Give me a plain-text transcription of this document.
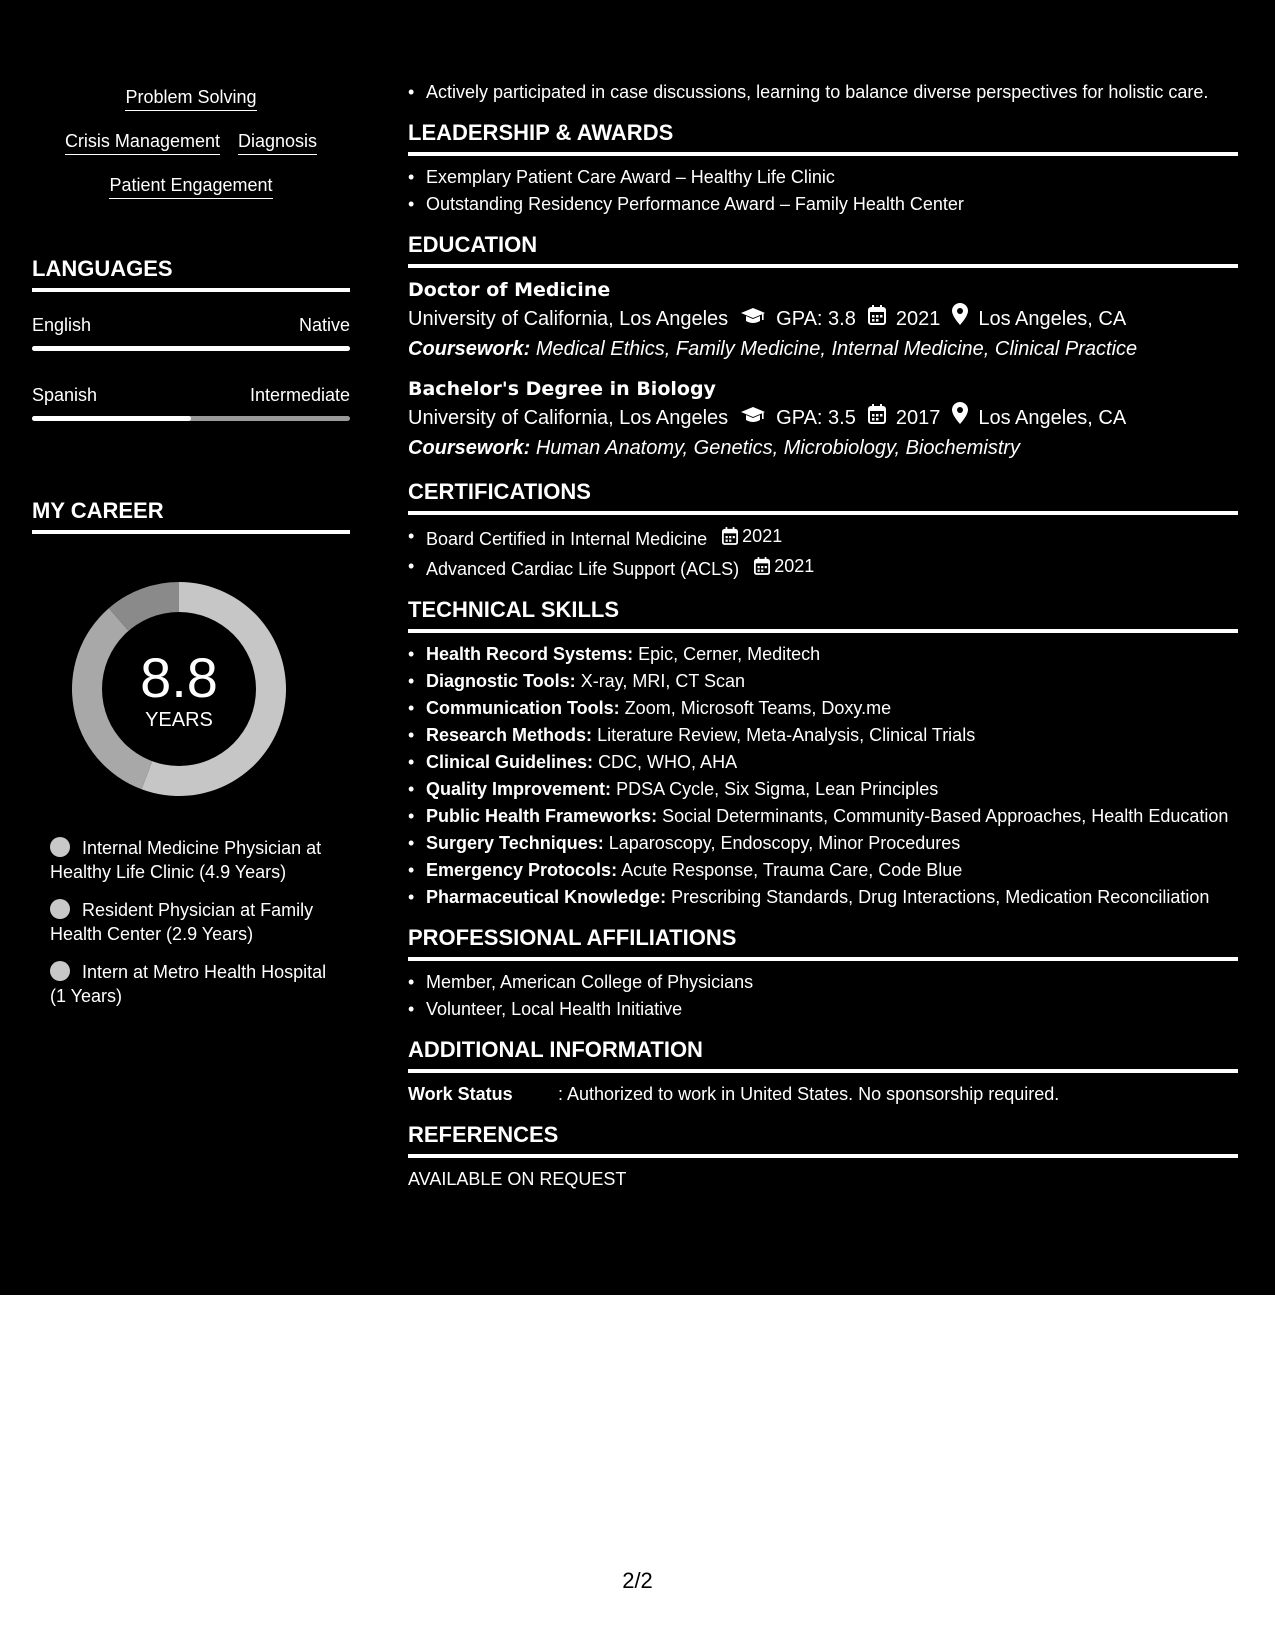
Problem Solving
Crisis Management Diagnosis
Patient Engagement
LANGUAGES
English	Native
Spanish	Intermediate
MY CAREER
8.8
YEARS
Internal Medicine Physician at Healthy Life Clinic (4.9 Years)
Resident Physician at Family Health Center (2.9 Years)
Intern at Metro Health Hospital (1 Years)
• Actively participated in case discussions, learning to balance diverse perspectives for holistic care.
LEADERSHIP & AWARDS
• Exemplary Patient Care Award – Healthy Life Clinic
• Outstanding Residency Performance Award – Family Health Center
EDUCATION
Doctor of Medicine
University of California, Los Angeles GPA: 3.8 2021 Los Angeles, CA
Coursework: Medical Ethics, Family Medicine, Internal Medicine, Clinical Practice
Bachelor's Degree in Biology
University of California, Los Angeles GPA: 3.5 2017 Los Angeles, CA
Coursework: Human Anatomy, Genetics, Microbiology, Biochemistry
CERTIFICATIONS
• Board Certified in Internal Medicine 2021
• Advanced Cardiac Life Support (ACLS) 2021
TECHNICAL SKILLS
• Health Record Systems: Epic, Cerner, Meditech
• Diagnostic Tools: X-ray, MRI, CT Scan
• Communication Tools: Zoom, Microsoft Teams, Doxy.me
• Research Methods: Literature Review, Meta-Analysis, Clinical Trials
• Clinical Guidelines: CDC, WHO, AHA
• Quality Improvement: PDSA Cycle, Six Sigma, Lean Principles
• Public Health Frameworks: Social Determinants, Community-Based Approaches, Health Education
• Surgery Techniques: Laparoscopy, Endoscopy, Minor Procedures
• Emergency Protocols: Acute Response, Trauma Care, Code Blue
• Pharmaceutical Knowledge: Prescribing Standards, Drug Interactions, Medication Reconciliation
PROFESSIONAL AFFILIATIONS
• Member, American College of Physicians
• Volunteer, Local Health Initiative
ADDITIONAL INFORMATION
Work Status	: Authorized to work in United States. No sponsorship required.
REFERENCES
AVAILABLE ON REQUEST
2/2
